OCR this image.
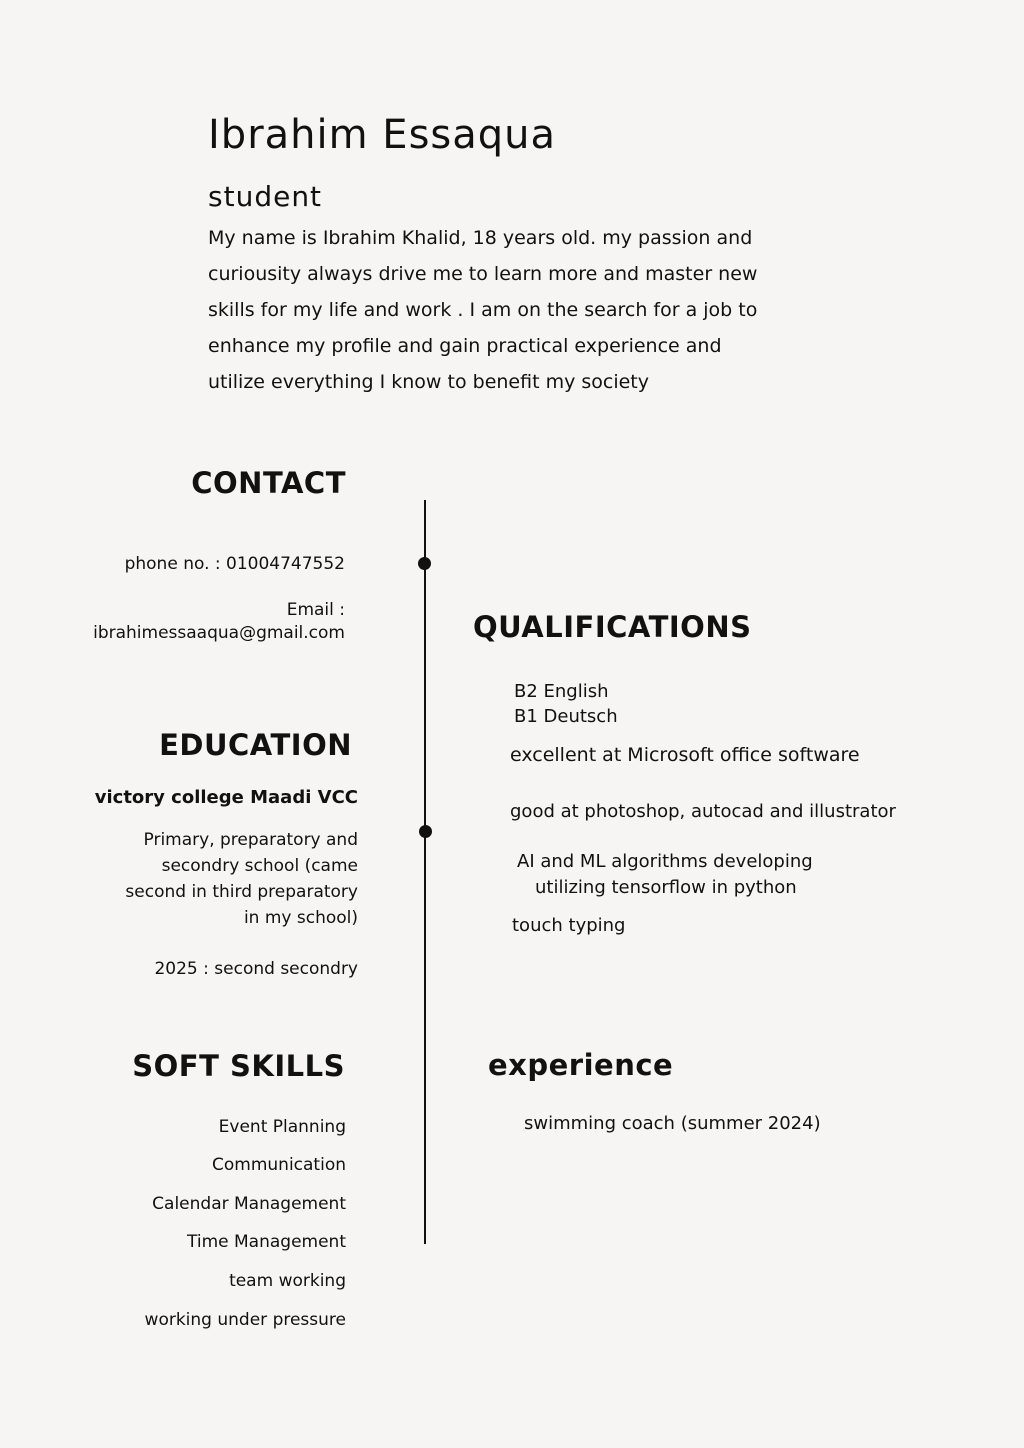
Ibrahim Essaqua
student
My name is Ibrahim Khalid, 18 years old. my passion and
curiousity always drive me to learn more and master new
skills for my life and work . I am on the search for a job to
enhance my profile and gain practical experience and
utilize everything I know to benefit my society
CONTACT
phone no. : 01004747552
Email :
ibrahimessaaqua@gmail.com
EDUCATION
victory college Maadi VCC
Primary, preparatory and
secondry school (came
second in third preparatory
in my school)
2025 : second secondry
SOFT SKILLS
Event Planning
Communication
Calendar Management
Time Management
team working
working under pressure
QUALIFICATIONS
B2 English
B1 Deutsch
excellent at Microsoft office software
good at photoshop, autocad and illustrator
AI and ML algorithms developing
utilizing tensorflow in python
touch typing
experience
swimming coach (summer 2024)
